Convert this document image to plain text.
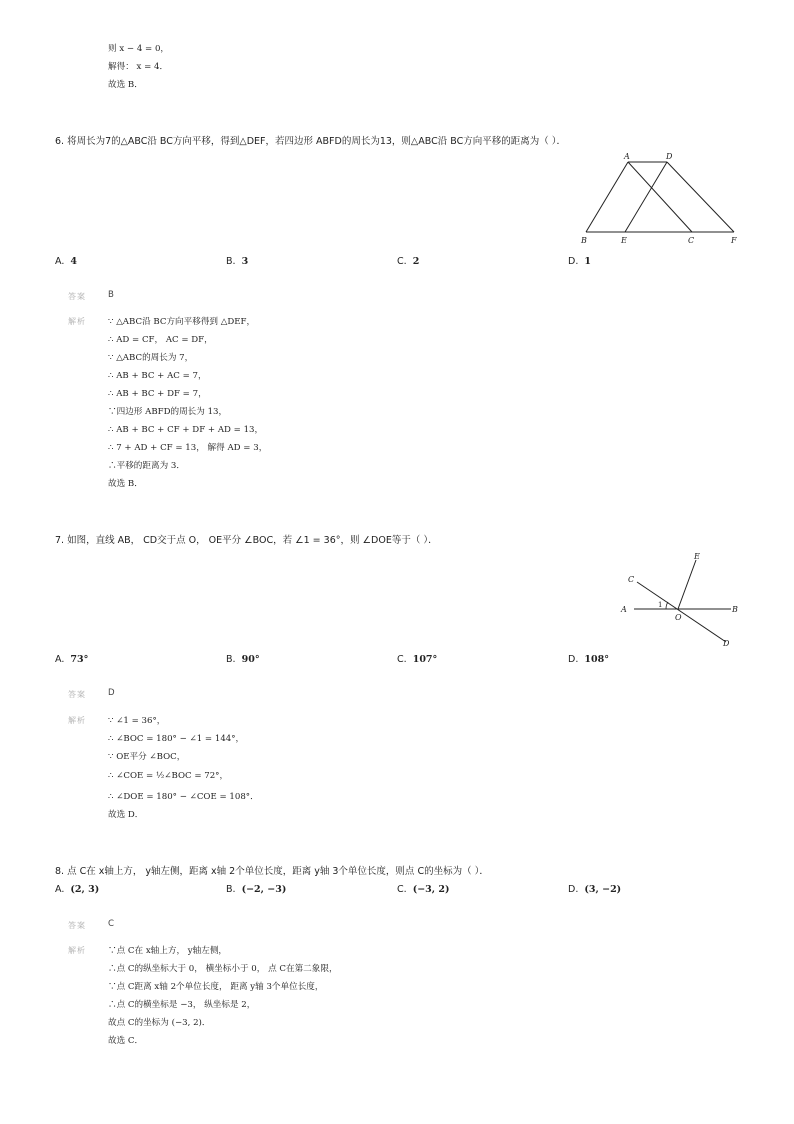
则 x − 4 = 0，
解得： x = 4．
故选 B．
6. 将周长为7的△ABC沿 BC方向平移，得到△DEF，若四边形 ABFD的周长为13，则△ABC沿 BC方向平移的距离为（ ）．
A	D
B	E	C	F
A. 4	B. 3	C. 2	D. 1
答案	B
解析	∵ △ABC沿 BC方向平移得到 △DEF，
∴ AD = CF， AC = DF，
∵ △ABC的周长为 7，
∴ AB + BC + AC = 7，
∴ AB + BC + DF = 7，
∵四边形 ABFD的周长为 13，
∴ AB + BC + CF + DF + AD = 13，
∴ 7 + AD + CF = 13， 解得 AD = 3，
∴平移的距离为 3．
故选 B．
7. 如图，直线 AB， CD交于点 O， OE平分 ∠BOC，若 ∠1 = 36°，则 ∠DOE等于（ ）．
E
C
A	1
O
B
D
A. 73°	B. 90°	C. 107°	D. 108°
答案	D
解析	∵ ∠1 = 36°，
∴ ∠BOC = 180° − ∠1 = 144°，
∵ OE平分 ∠BOC，
∴ ∠COE = ½∠BOC = 72°，
∴ ∠DOE = 180° − ∠COE = 108°．
故选 D．
8. 点 C在 x轴上方， y轴左侧，距离 x轴 2个单位长度，距离 y轴 3个单位长度，则点 C的坐标为（ ）．
A. (2, 3)	B. (−2, −3)	C. (−3, 2)	D. (3, −2)
答案	C
解析	∵点 C在 x轴上方， y轴左侧，
∴点 C的纵坐标大于 0， 横坐标小于 0， 点 C在第二象限，
∵点 C距离 x轴 2个单位长度， 距离 y轴 3个单位长度，
∴点 C的横坐标是 −3， 纵坐标是 2，
故点 C的坐标为 (−3, 2)．
故选 C．
